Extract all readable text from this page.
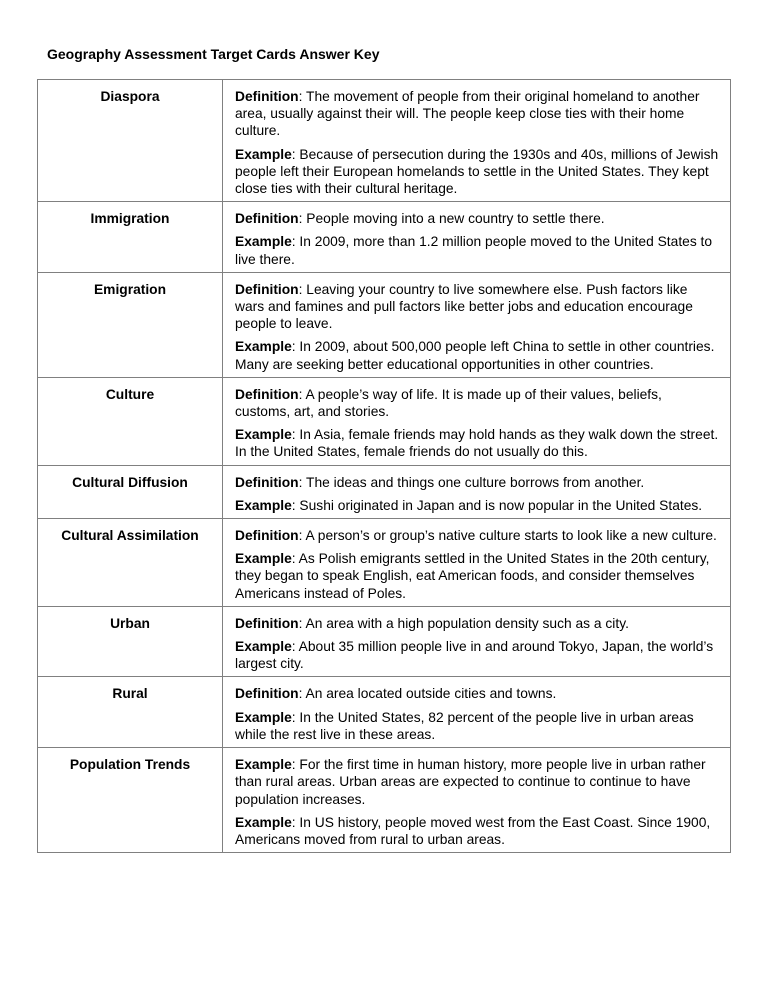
Geography Assessment Target Cards Answer Key
Diaspora	Definition: The movement of people from their original homeland to another area, usually against their will. The people keep close ties with their home culture.

Example: Because of persecution during the 1930s and 40s, millions of Jewish people left their European homelands to settle in the United States. They kept close ties with their cultural heritage.

Immigration	Definition: People moving into a new country to settle there.

Example: In 2009, more than 1.2 million people moved to the United States to live there.

Emigration	Definition: Leaving your country to live somewhere else. Push factors like wars and famines and pull factors like better jobs and education encourage people to leave.

Example: In 2009, about 500,000 people left China to settle in other countries. Many are seeking better educational opportunities in other countries.

Culture	Definition: A people’s way of life. It is made up of their values, beliefs, customs, art, and stories.

Example: In Asia, female friends may hold hands as they walk down the street. In the United States, female friends do not usually do this.

Cultural Diffusion	Definition: The ideas and things one culture borrows from another.

Example: Sushi originated in Japan and is now popular in the United States.

Cultural Assimilation	Definition: A person’s or group’s native culture starts to look like a new culture.

Example: As Polish emigrants settled in the United States in the 20th century, they began to speak English, eat American foods, and consider themselves Americans instead of Poles.

Urban	Definition: An area with a high population density such as a city.

Example: About 35 million people live in and around Tokyo, Japan, the world’s largest city.

Rural	Definition: An area located outside cities and towns.

Example: In the United States, 82 percent of the people live in urban areas while the rest live in these areas.

Population Trends	Example: For the first time in human history, more people live in urban rather than rural areas. Urban areas are expected to continue to continue to have population increases.

Example: In US history, people moved west from the East Coast. Since 1900, Americans moved from rural to urban areas.
